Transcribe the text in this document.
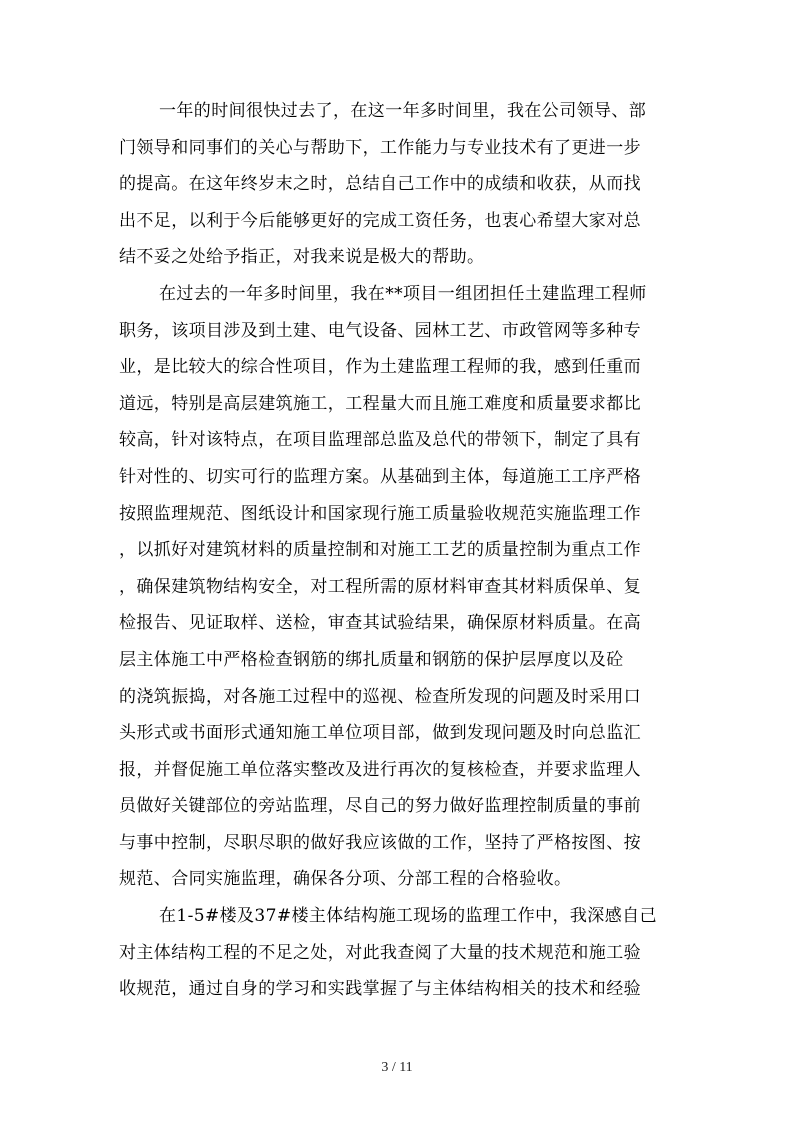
一年的时间很快过去了，在这一年多时间里，我在公司领导、部
门领导和同事们的关心与帮助下，工作能力与专业技术有了更进一步
的提高。在这年终岁末之时，总结自己工作中的成绩和收获，从而找
出不足，以利于今后能够更好的完成工资任务，也衷心希望大家对总
结不妥之处给予指正，对我来说是极大的帮助。
在过去的一年多时间里，我在**项目一组团担任土建监理工程师
职务，该项目涉及到土建、电气设备、园林工艺、市政管网等多种专
业，是比较大的综合性项目，作为土建监理工程师的我，感到任重而
道远，特别是高层建筑施工，工程量大而且施工难度和质量要求都比
较高，针对该特点，在项目监理部总监及总代的带领下，制定了具有
针对性的、切实可行的监理方案。从基础到主体，每道施工工序严格
按照监理规范、图纸设计和国家现行施工质量验收规范实施监理工作
，以抓好对建筑材料的质量控制和对施工工艺的质量控制为重点工作
，确保建筑物结构安全，对工程所需的原材料审查其材料质保单、复
检报告、见证取样、送检，审查其试验结果，确保原材料质量。在高
层主体施工中严格检查钢筋的绑扎质量和钢筋的保护层厚度以及砼
的浇筑振捣，对各施工过程中的巡视、检查所发现的问题及时采用口
头形式或书面形式通知施工单位项目部，做到发现问题及时向总监汇
报，并督促施工单位落实整改及进行再次的复核检查，并要求监理人
员做好关键部位的旁站监理，尽自己的努力做好监理控制质量的事前
与事中控制，尽职尽职的做好我应该做的工作，坚持了严格按图、按
规范、合同实施监理，确保各分项、分部工程的合格验收。
在1-5#楼及37#楼主体结构施工现场的监理工作中，我深感自己
对主体结构工程的不足之处，对此我查阅了大量的技术规范和施工验
收规范，通过自身的学习和实践掌握了与主体结构相关的技术和经验
3 / 11
